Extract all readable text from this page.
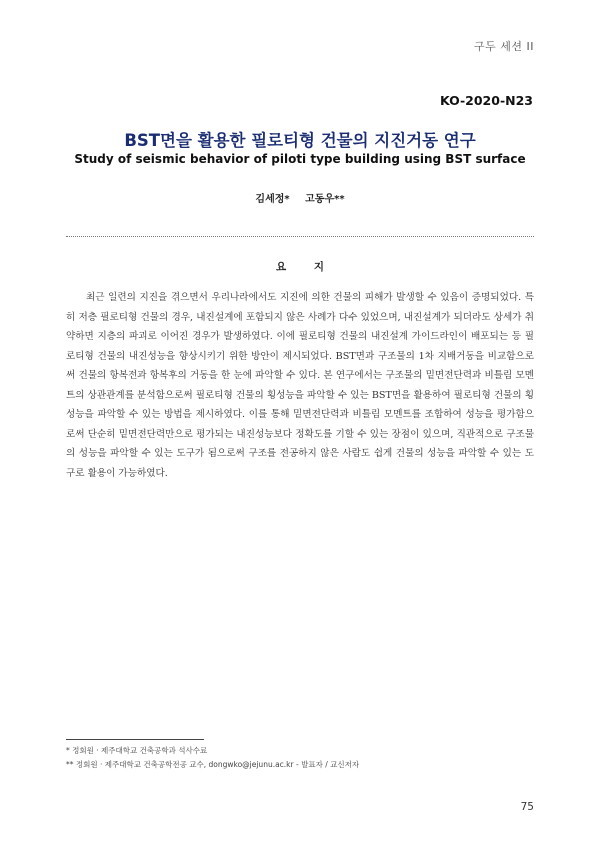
구두 세션 II
KO-2020-N23
BST면을 활용한 필로티형 건물의 지진거동 연구
Study of seismic behavior of piloti type building using BST surface
김세정* 고동우**
요 지

최근 일련의 지진을 겪으면서 우리나라에서도 지진에 의한 건물의 피해가 발생할 수 있음이 증명되었다. 특히 저층 필로티형 건물의 경우, 내진설계에 포함되지 않은 사례가 다수 있었으며, 내진설계가 되더라도 상세가 취약하면 지층의 파괴로 이어진 경우가 발생하였다. 이에 필로티형 건물의 내진설계 가이드라인이 배포되는 등 필로티형 건물의 내진성능을 향상시키기 위한 방안이 제시되었다. BST면과 구조물의 1차 지배거동을 비교함으로써 건물의 항복전과 항복후의 거동을 한 눈에 파악할 수 있다. 본 연구에서는 구조물의 밑면전단력과 비틀림 모멘트의 상관관계를 분석함으로써 필로티형 건물의 횡성능을 파악할 수 있는 BST면을 활용하여 필로티형 건물의 횡성능을 파악할 수 있는 방법을 제시하였다. 이를 통해 밑면전단력과 비틀림 모멘트를 조합하여 성능을 평가함으로써 단순히 밑면전단력만으로 평가되는 내진성능보다 정확도를 기할 수 있는 장점이 있으며, 직관적으로 구조물의 성능을 파악할 수 있는 도구가 됨으로써 구조를 전공하지 않은 사람도 쉽게 건물의 성능을 파악할 수 있는 도구로 활용이 가능하였다.

* 정회원 · 제주대학교 건축공학과 석사수료
** 정회원 · 제주대학교 건축공학전공 교수, dongwko@jejunu.ac.kr - 발표자 / 교신저자
75
